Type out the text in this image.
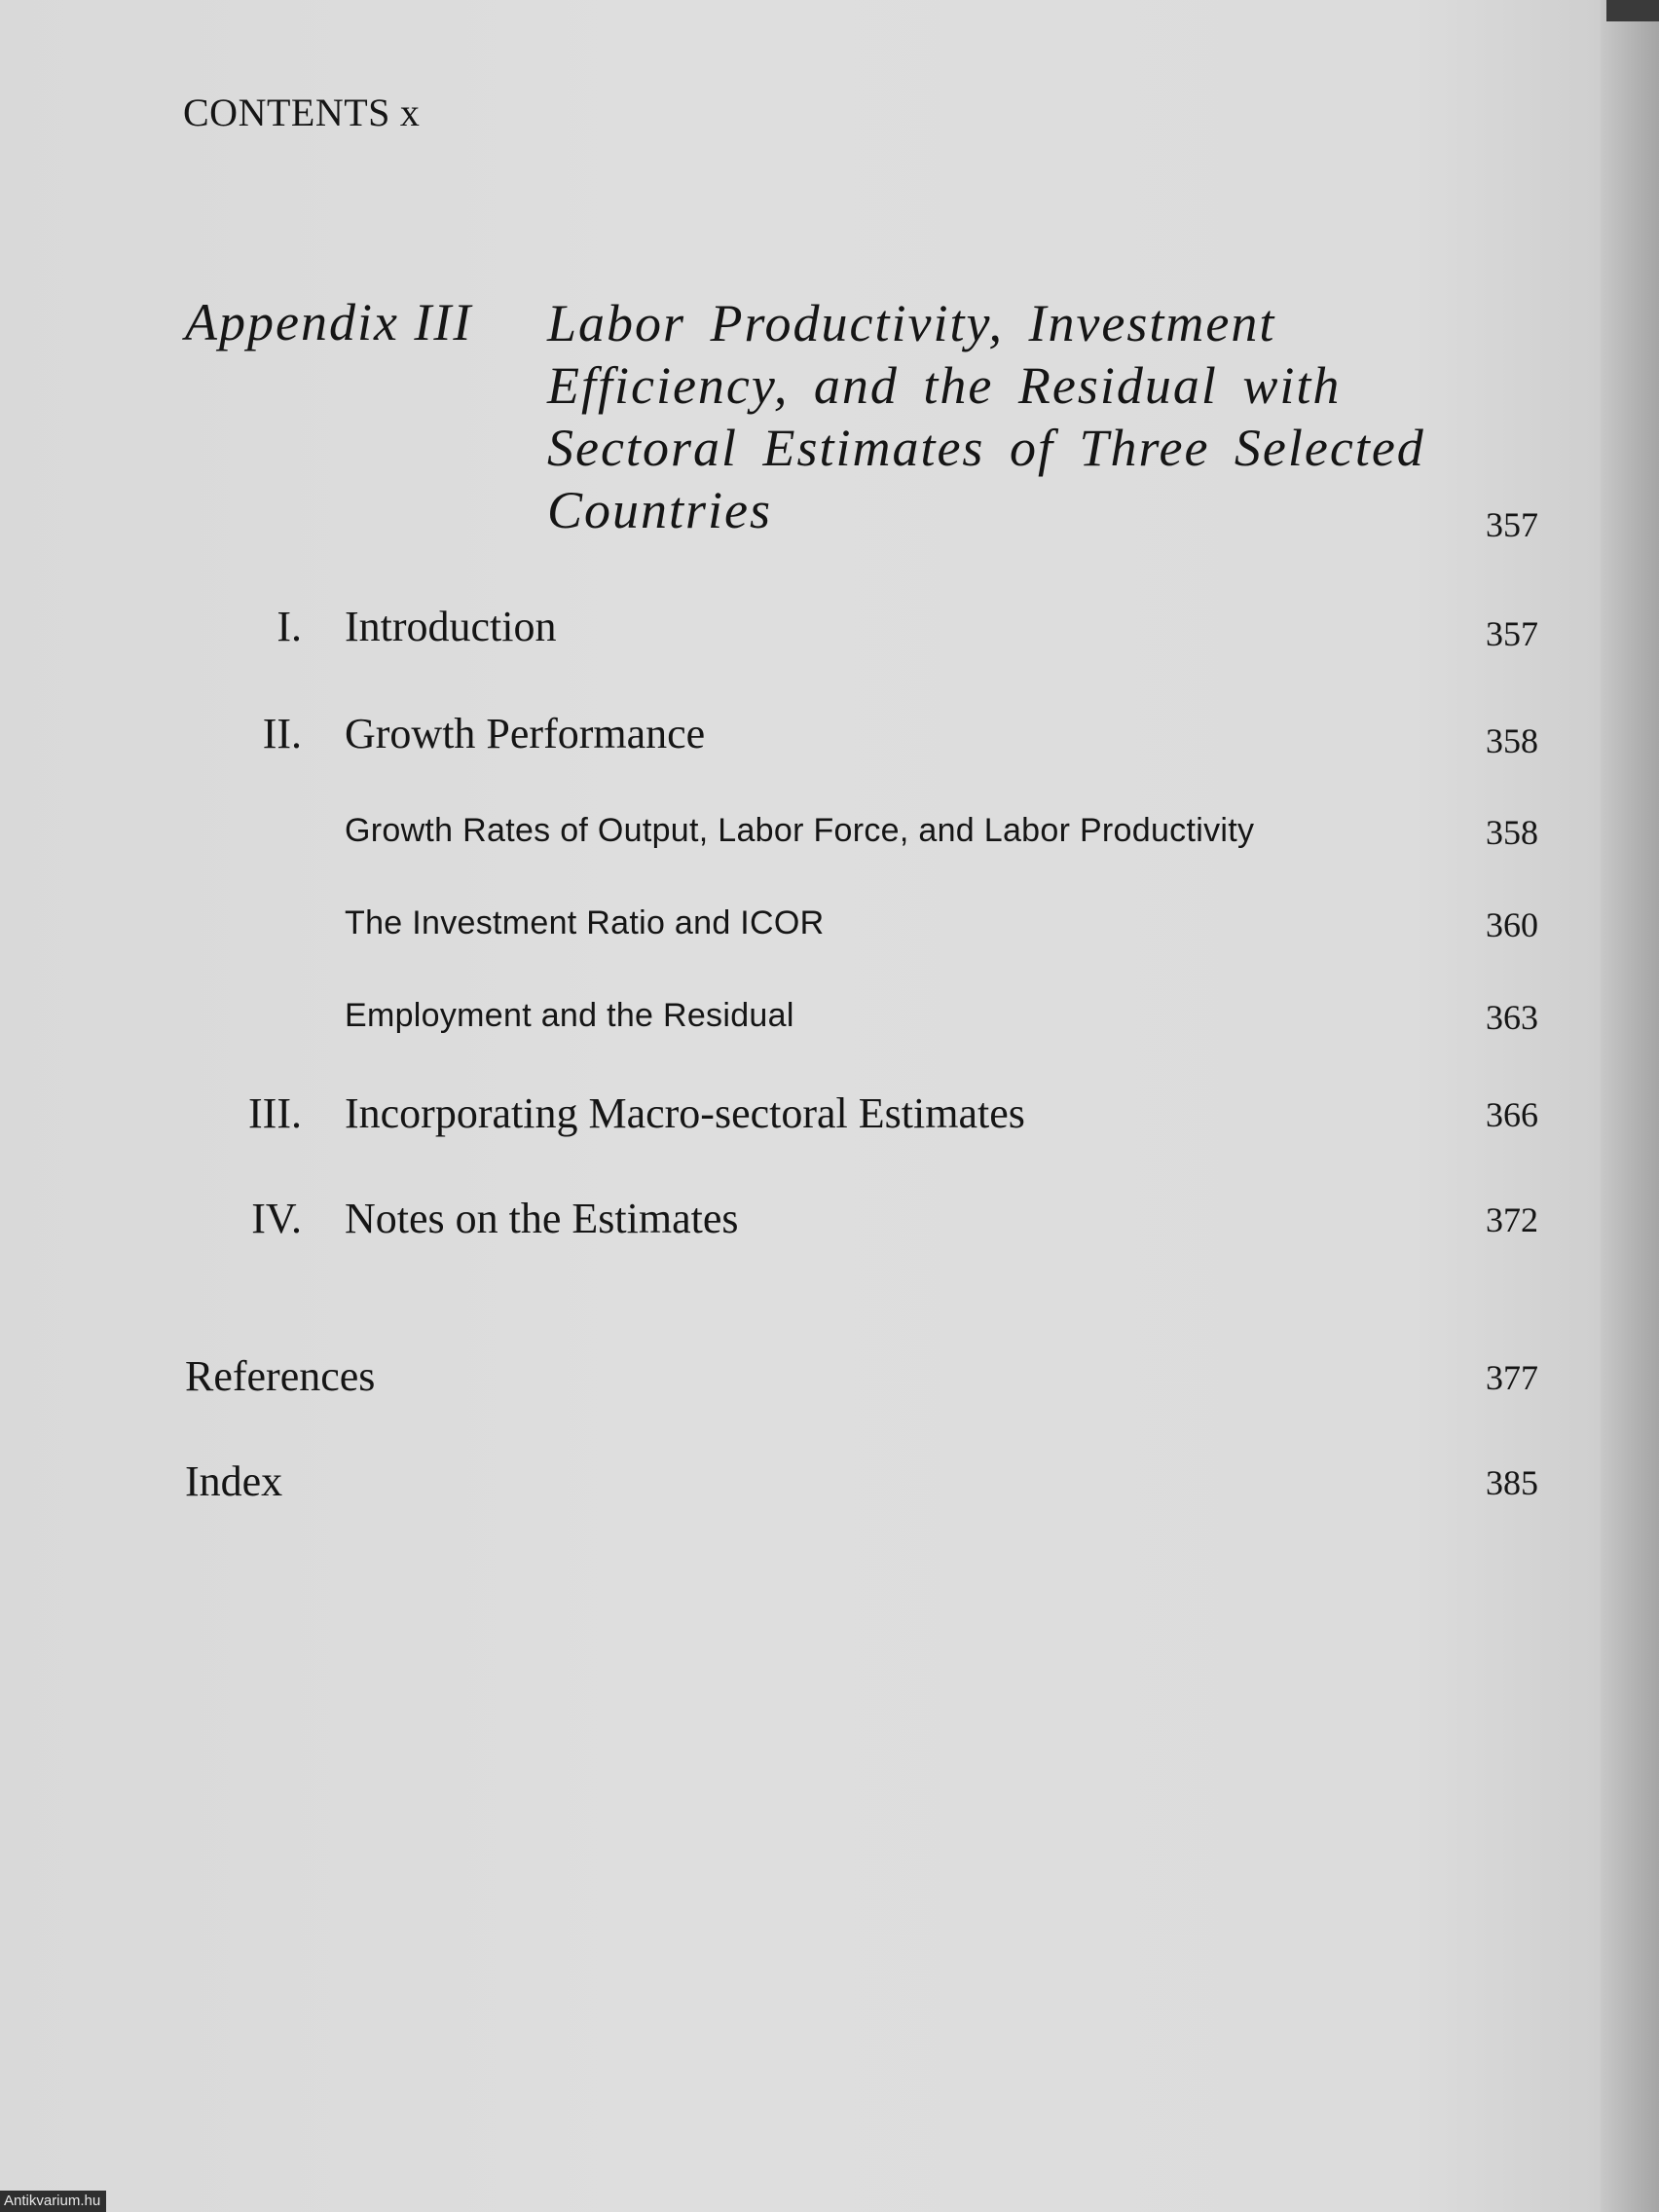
CONTENTS x
Appendix III Labor Productivity, Investment
Efficiency, and the Residual with
Sectoral Estimates of Three Selected
Countries	357
I. Introduction	357
II. Growth Performance	358
Growth Rates of Output, Labor Force, and Labor Productivity	358
The Investment Ratio and ICOR	360
Employment and the Residual	363
III. Incorporating Macro-sectoral Estimates	366
IV. Notes on the Estimates	372
References	377
Index	385
Antikvarium.hu
